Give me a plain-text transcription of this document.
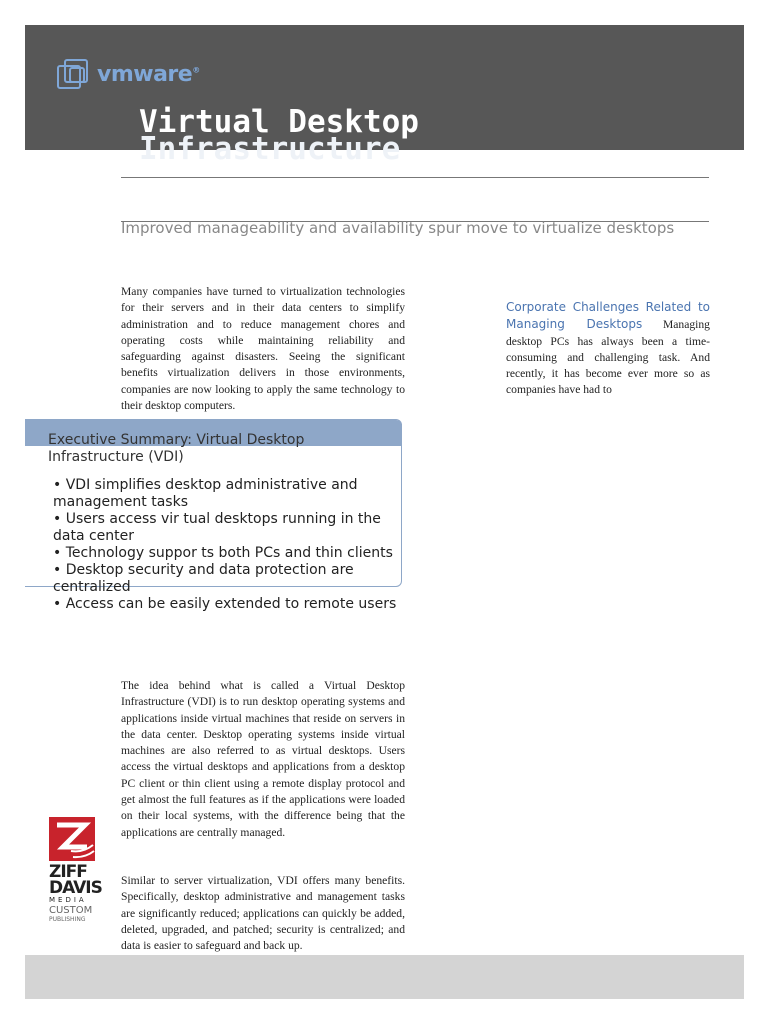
vmware®
Virtual Desktop
Infrastructure
Improved manageability and availability spur move to virtualize desktops

Many companies have turned to virtualization technologies for their servers and in their data centers to simplify administration and to reduce management chores and operating costs while maintaining reliability and safeguarding against disasters. Seeing the significant benefits virtualization delivers in those environments, companies are now looking to apply the same technology to their desktop computers.

Corporate Challenges Related to Managing Desktops Managing desktop PCs has always been a time-consuming and challenging task. And recently, it has become ever more so as companies have had to
Executive Summary: Virtual Desktop Infrastructure (VDI)
• VDI simplifies desktop administrative and management tasks
• Users access vir tual desktops running in the data center
• Technology suppor ts both PCs and thin clients
• Desktop security and data protection are centralized
• Access can be easily extended to remote users

The idea behind what is called a Virtual Desktop Infrastructure (VDI) is to run desktop operating systems and applications inside virtual machines that reside on servers in the data center. Desktop operating systems inside virtual machines are also referred to as virtual desktops. Users access the virtual desktops and applications from a desktop PC client or thin client using a remote display protocol and get almost the full features as if the applications were loaded on their local systems, with the difference being that the applications are centrally managed.

Similar to server virtualization, VDI offers many benefits. Specifically, desktop administrative and management tasks are significantly reduced; applications can quickly be added, deleted, upgraded, and patched; security is centralized; and data is easier to safeguard and back up.

ZIFF
DAVIS
MEDIA
CUSTOM
PUBLISHING
